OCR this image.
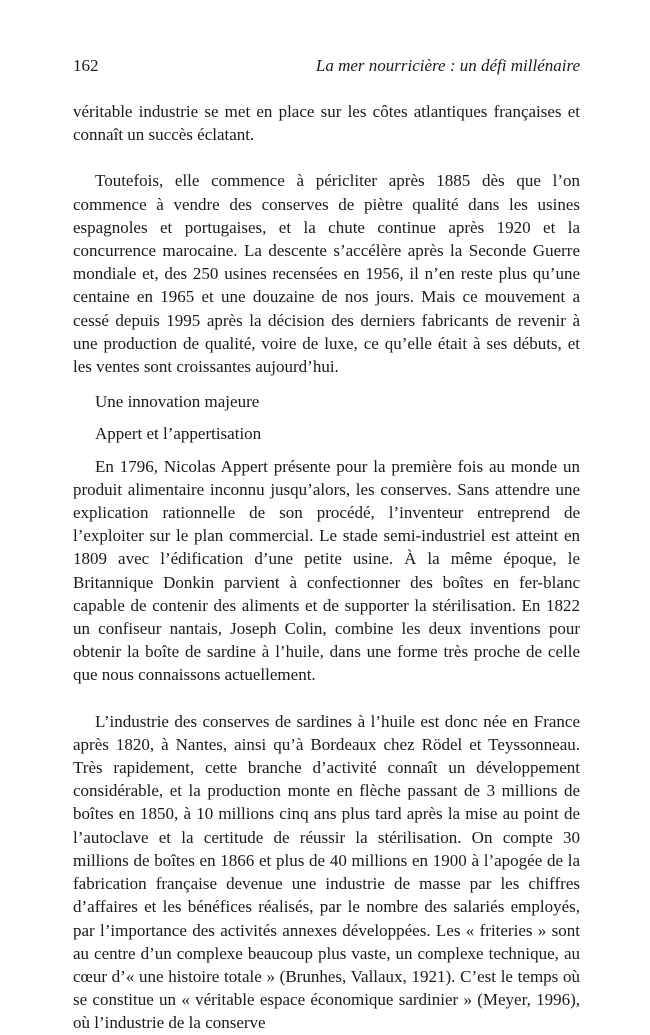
162	La mer nourricière : un défi millénaire

véritable industrie se met en place sur les côtes atlantiques françaises et connaît un succès éclatant.

Toutefois, elle commence à péricliter après 1885 dès que l’on commence à vendre des conserves de piètre qualité dans les usines espagnoles et portugaises, et la chute continue après 1920 et la concurrence marocaine. La descente s’accélère après la Seconde Guerre mondiale et, des 250 usines recensées en 1956, il n’en reste plus qu’une centaine en 1965 et une douzaine de nos jours. Mais ce mouvement a cessé depuis 1995 après la décision des derniers fabricants de revenir à une production de qualité, voire de luxe, ce qu’elle était à ses débuts, et les ventes sont croissantes aujourd’hui.

Une innovation majeure
Appert et l’appertisation

En 1796, Nicolas Appert présente pour la première fois au monde un produit alimentaire inconnu jusqu’alors, les conserves. Sans attendre une explication rationnelle de son procédé, l’inventeur entreprend de l’exploiter sur le plan commercial. Le stade semi-industriel est atteint en 1809 avec l’édification d’une petite usine. À la même époque, le Britannique Donkin parvient à confectionner des boîtes en fer-blanc capable de contenir des aliments et de supporter la stérilisation. En 1822 un confiseur nantais, Joseph Colin, combine les deux inventions pour obtenir la boîte de sardine à l’huile, dans une forme très proche de celle que nous connaissons actuellement.

L’industrie des conserves de sardines à l’huile est donc née en France après 1820, à Nantes, ainsi qu’à Bordeaux chez Rödel et Teyssonneau. Très rapidement, cette branche d’activité connaît un développement considérable, et la production monte en flèche passant de 3 millions de boîtes en 1850, à 10 millions cinq ans plus tard après la mise au point de l’autoclave et la certitude de réussir la stérilisation. On compte 30 millions de boîtes en 1866 et plus de 40 millions en 1900 à l’apogée de la fabrication française devenue une industrie de masse par les chiffres d’affaires et les bénéfices réalisés, par le nombre des salariés employés, par l’importance des activités annexes développées. Les « friteries » sont au centre d’un complexe beaucoup plus vaste, un complexe technique, au cœur d’« une histoire totale » (Brunhes, Vallaux, 1921). C’est le temps où se constitue un « véritable espace économique sardinier » (Meyer, 1996), où l’industrie de la conserve
